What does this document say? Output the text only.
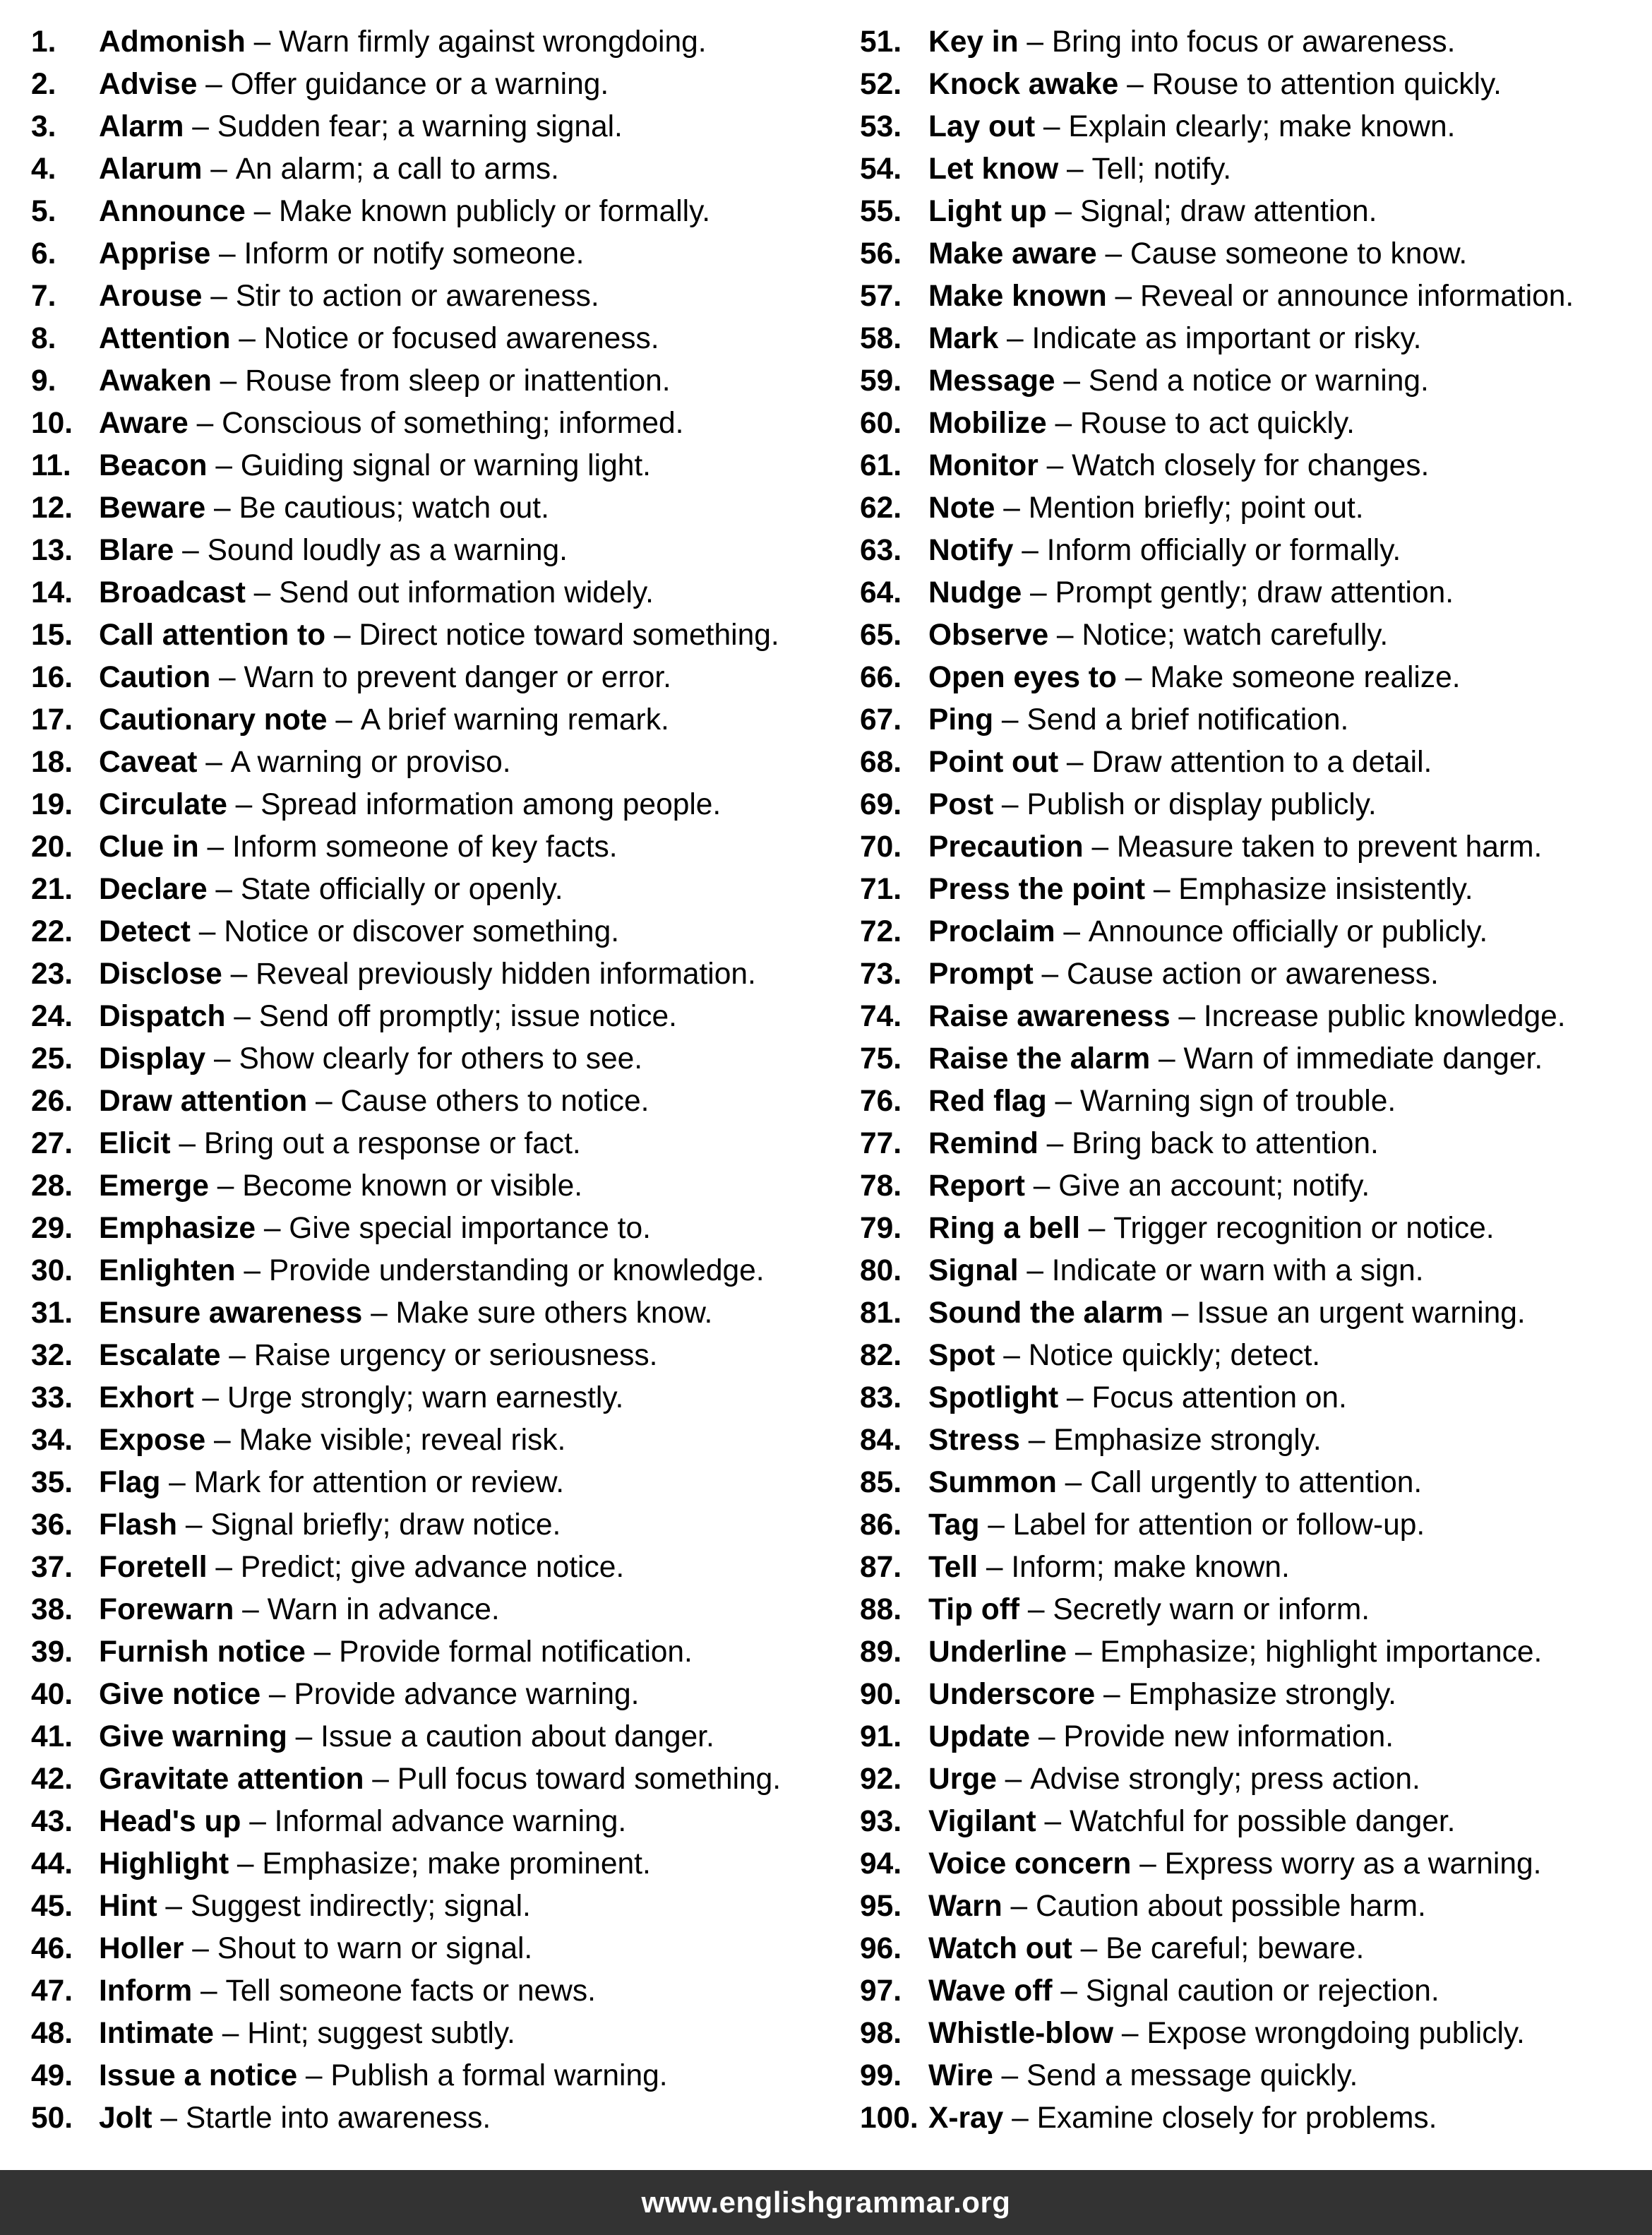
1.	Admonish – Warn firmly against wrongdoing.
2.	Advise – Offer guidance or a warning.
3.	Alarm – Sudden fear; a warning signal.
4.	Alarum – An alarm; a call to arms.
5.	Announce – Make known publicly or formally.
6.	Apprise – Inform or notify someone.
7.	Arouse – Stir to action or awareness.
8.	Attention – Notice or focused awareness.
9.	Awaken – Rouse from sleep or inattention.
10. Aware – Conscious of something; informed.
11. Beacon – Guiding signal or warning light.
12. Beware – Be cautious; watch out.
13. Blare – Sound loudly as a warning.
14. Broadcast – Send out information widely.
15. Call attention to – Direct notice toward something.
16. Caution – Warn to prevent danger or error.
17. Cautionary note – A brief warning remark.
18. Caveat – A warning or proviso.
19. Circulate – Spread information among people.
20. Clue in – Inform someone of key facts.
21. Declare – State officially or openly.
22. Detect – Notice or discover something.
23. Disclose – Reveal previously hidden information.
24. Dispatch – Send off promptly; issue notice.
25. Display – Show clearly for others to see.
26. Draw attention – Cause others to notice.
27. Elicit – Bring out a response or fact.
28. Emerge – Become known or visible.
29. Emphasize – Give special importance to.
30. Enlighten – Provide understanding or knowledge.
31. Ensure awareness – Make sure others know.
32. Escalate – Raise urgency or seriousness.
33. Exhort – Urge strongly; warn earnestly.
34. Expose – Make visible; reveal risk.
35. Flag – Mark for attention or review.
36. Flash – Signal briefly; draw notice.
37. Foretell – Predict; give advance notice.
38. Forewarn – Warn in advance.
39. Furnish notice – Provide formal notification.
40. Give notice – Provide advance warning.
41. Give warning – Issue a caution about danger.
42. Gravitate attention – Pull focus toward something.
43. Head's up – Informal advance warning.
44. Highlight – Emphasize; make prominent.
45. Hint – Suggest indirectly; signal.
46. Holler – Shout to warn or signal.
47. Inform – Tell someone facts or news.
48. Intimate – Hint; suggest subtly.
49. Issue a notice – Publish a formal warning.
50. Jolt – Startle into awareness.
51. Key in – Bring into focus or awareness.
52. Knock awake – Rouse to attention quickly.
53. Lay out – Explain clearly; make known.
54. Let know – Tell; notify.
55. Light up – Signal; draw attention.
56. Make aware – Cause someone to know.
57. Make known – Reveal or announce information.
58. Mark – Indicate as important or risky.
59. Message – Send a notice or warning.
60. Mobilize – Rouse to act quickly.
61. Monitor – Watch closely for changes.
62. Note – Mention briefly; point out.
63. Notify – Inform officially or formally.
64. Nudge – Prompt gently; draw attention.
65. Observe – Notice; watch carefully.
66. Open eyes to – Make someone realize.
67. Ping – Send a brief notification.
68. Point out – Draw attention to a detail.
69. Post – Publish or display publicly.
70. Precaution – Measure taken to prevent harm.
71. Press the point – Emphasize insistently.
72. Proclaim – Announce officially or publicly.
73. Prompt – Cause action or awareness.
74. Raise awareness – Increase public knowledge.
75. Raise the alarm – Warn of immediate danger.
76. Red flag – Warning sign of trouble.
77. Remind – Bring back to attention.
78. Report – Give an account; notify.
79. Ring a bell – Trigger recognition or notice.
80. Signal – Indicate or warn with a sign.
81. Sound the alarm – Issue an urgent warning.
82. Spot – Notice quickly; detect.
83. Spotlight – Focus attention on.
84. Stress – Emphasize strongly.
85. Summon – Call urgently to attention.
86. Tag – Label for attention or follow-up.
87. Tell – Inform; make known.
88. Tip off – Secretly warn or inform.
89. Underline – Emphasize; highlight importance.
90. Underscore – Emphasize strongly.
91. Update – Provide new information.
92. Urge – Advise strongly; press action.
93. Vigilant – Watchful for possible danger.
94. Voice concern – Express worry as a warning.
95. Warn – Caution about possible harm.
96. Watch out – Be careful; beware.
97. Wave off – Signal caution or rejection.
98. Whistle-blow – Expose wrongdoing publicly.
99. Wire – Send a message quickly.
100. X-ray – Examine closely for problems.
www.englishgrammar.org
